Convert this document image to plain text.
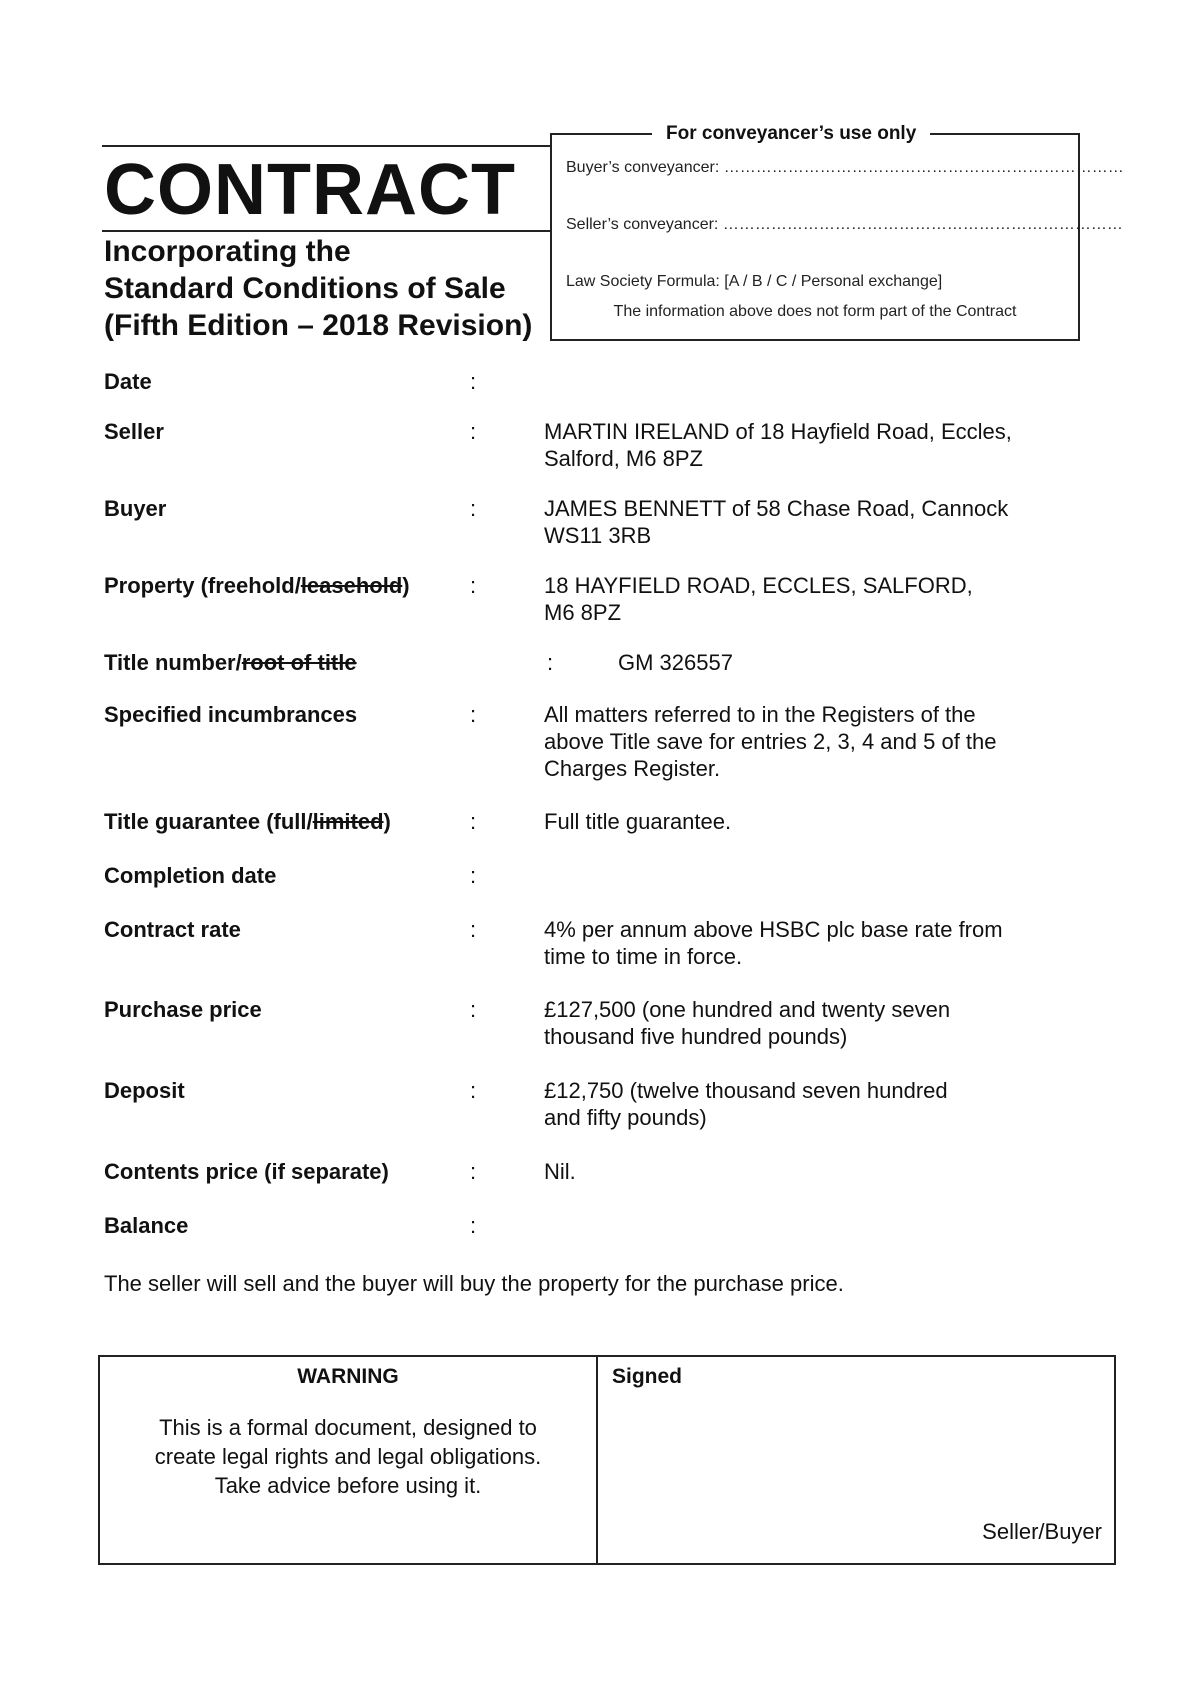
CONTRACT
Incorporating the
Standard Conditions of Sale
(Fifth Edition – 2018 Revision)
For conveyancer’s use only
Buyer’s conveyancer: …………………………………………………………………
Seller’s conveyancer: …………………………………………………………………
Law Society Formula: [A / B / C / Personal exchange]
The information above does not form part of the Contract
Date	:
Seller	:	MARTIN IRELAND of 18 Hayfield Road, Eccles,
Salford, M6 8PZ
Buyer	:	JAMES BENNETT of 58 Chase Road, Cannock
WS11 3RB
Property (freehold/leasehold)	:	18 HAYFIELD ROAD, ECCLES, SALFORD,
M6 8PZ
Title number/root of title	:	GM 326557
Specified incumbrances	:	All matters referred to in the Registers of the
above Title save for entries 2, 3, 4 and 5 of the
Charges Register.
Title guarantee (full/limited)	:	Full title guarantee.
Completion date	:
Contract rate	:	4% per annum above HSBC plc base rate from
time to time in force.
Purchase price	:	£127,500 (one hundred and twenty seven
thousand five hundred pounds)
Deposit	:	£12,750 (twelve thousand seven hundred
and fifty pounds)
Contents price (if separate)	:	Nil.
Balance	:
The seller will sell and the buyer will buy the property for the purchase price.
WARNING
This is a formal document, designed to
create legal rights and legal obligations.
Take advice before using it.
Signed
Seller/Buyer
